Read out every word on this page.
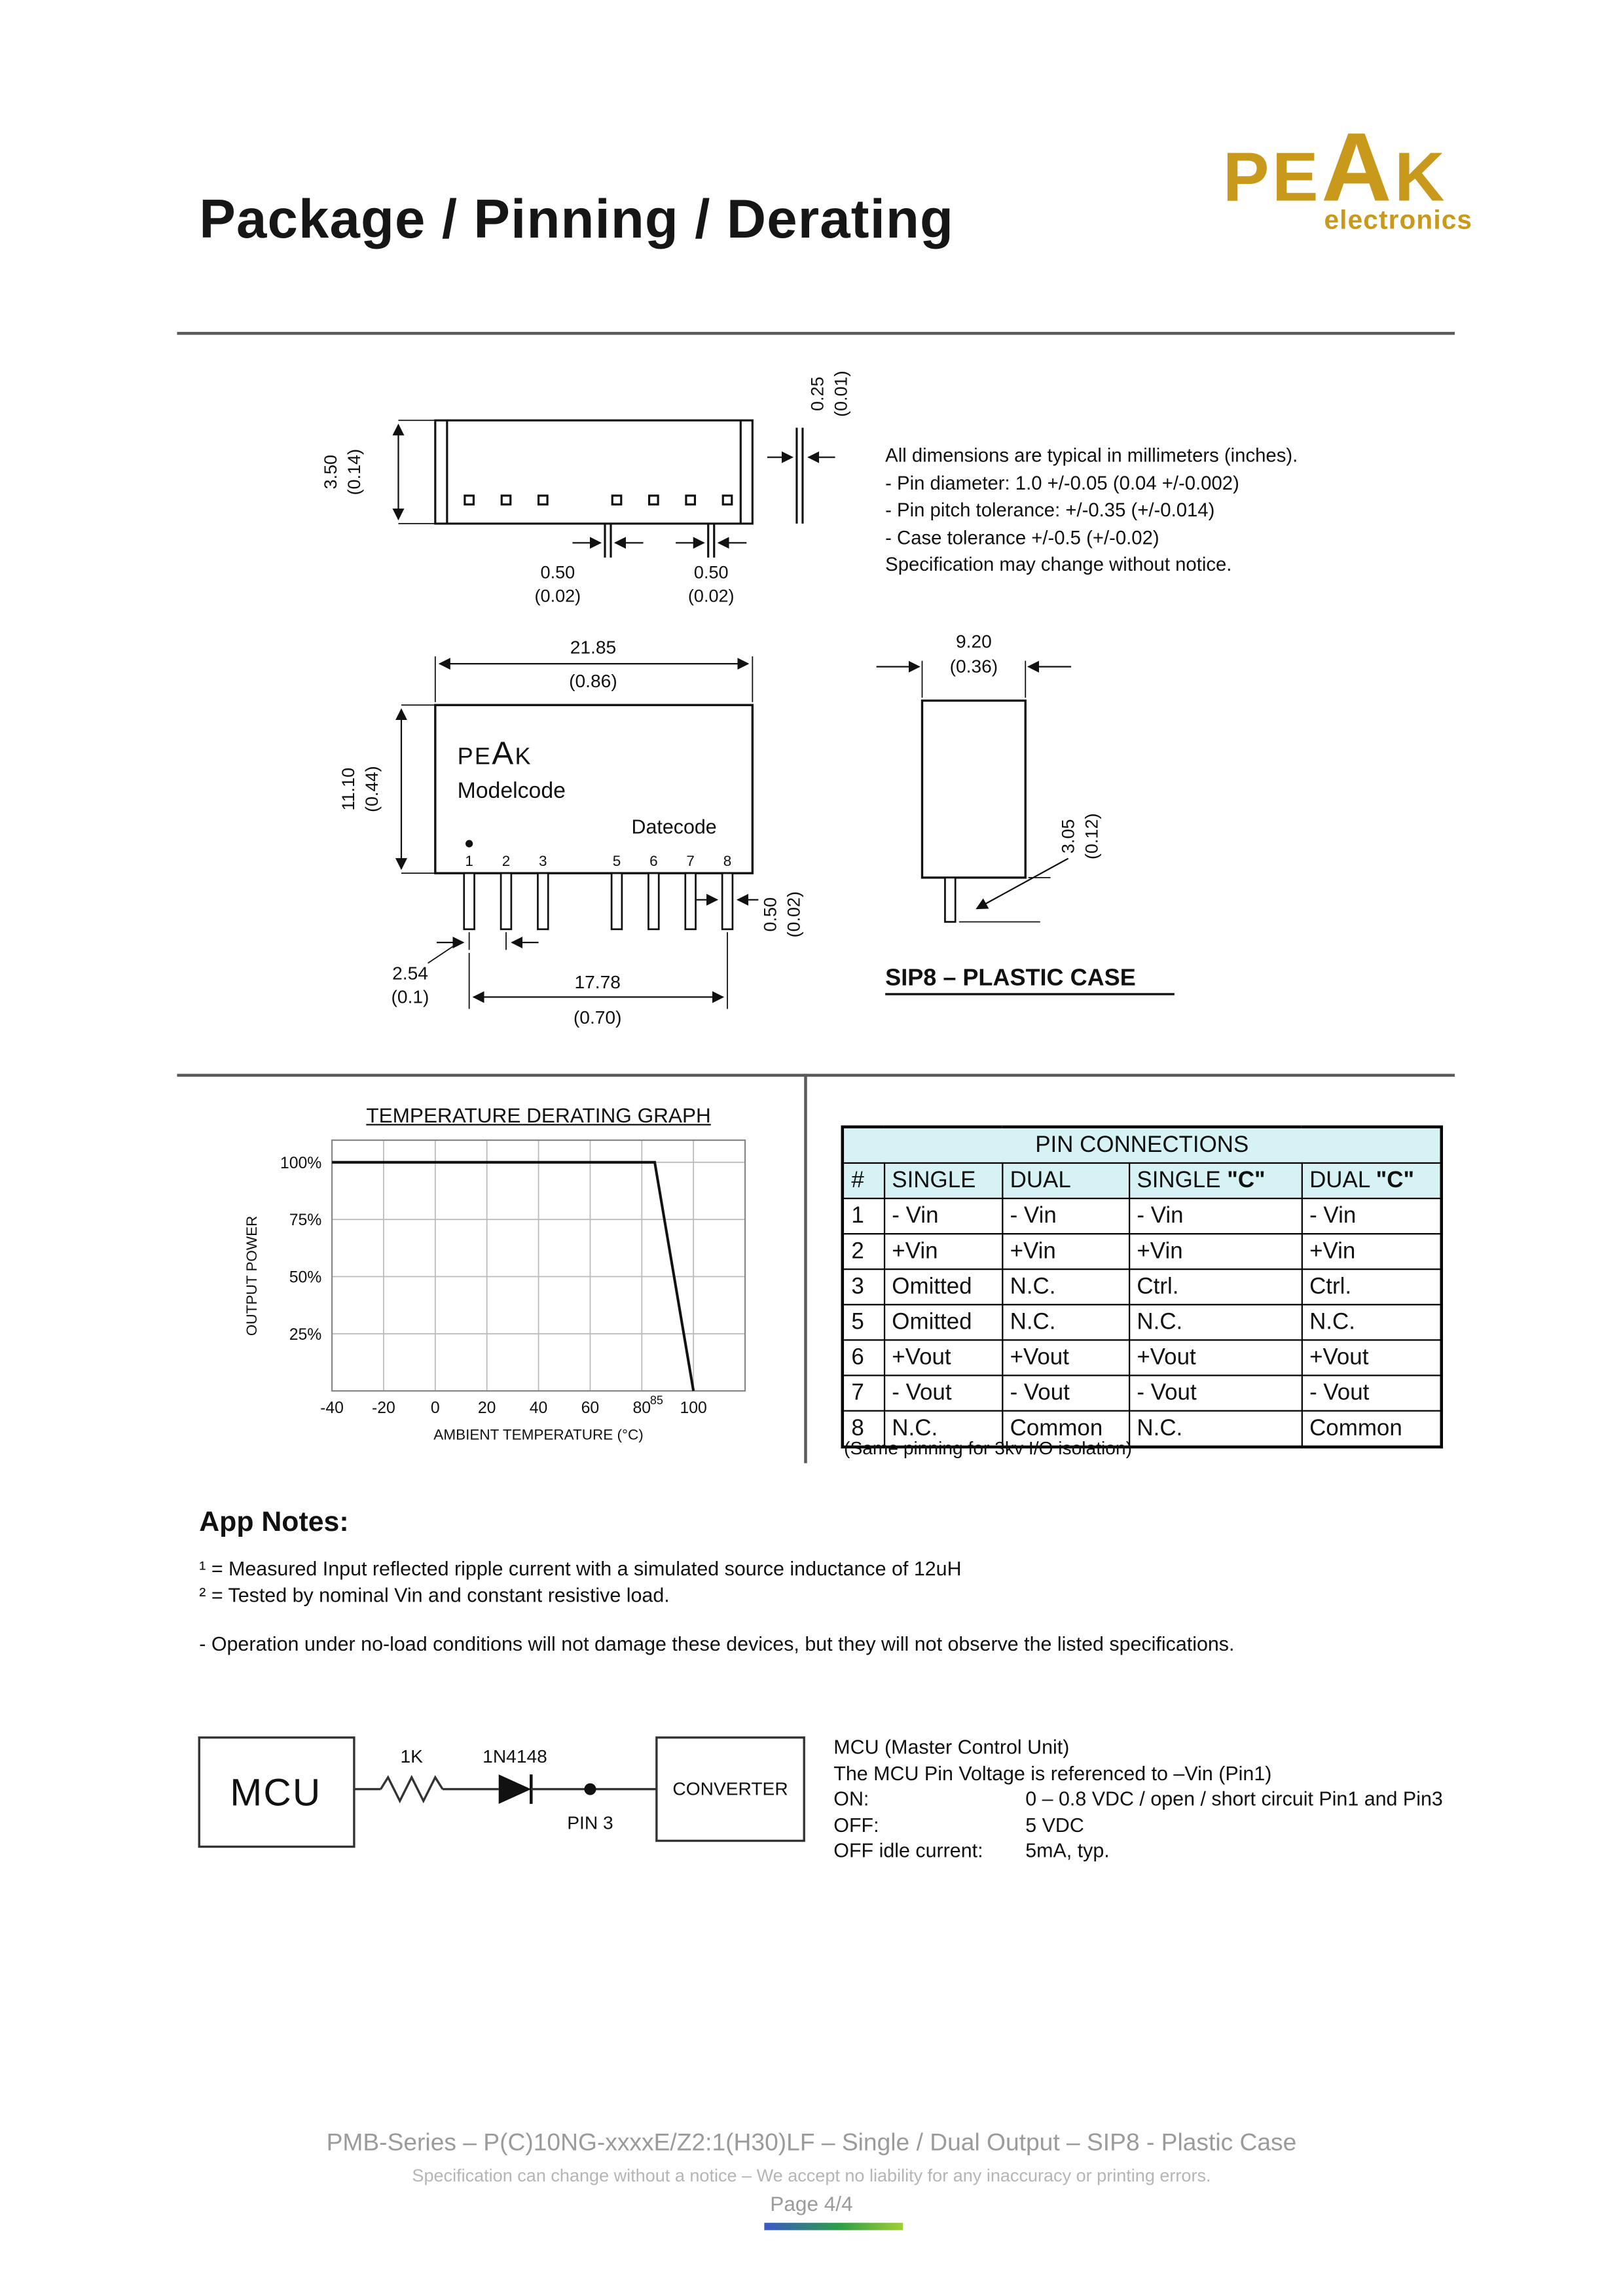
Package / Pinning / Derating
PEAK
electronics
3.50 (0.14)
0.25 (0.01)
0.50
(0.02)
0.50
(0.02)
21.85
(0.86)
PEAK
Modelcode
Datecode
1	2	3	5	6	7	8
11.10 (0.44)
0.50 (0.02)
2.54
(0.1)
17.78
(0.70)
9.20
(0.36)
3.05 (0.12)
SIP8 – PLASTIC CASE
All dimensions are typical in millimeters (inches).
- Pin diameter: 1.0 +/-0.05 (0.04 +/-0.002)
- Pin pitch tolerance: +/-0.35 (+/-0.014)
- Case tolerance +/-0.5 (+/-0.02)
Specification may change without notice.
TEMPERATURE DERATING GRAPH
100%
75%
50%
25%
85
-40	-20	0	20	40	60	80	100
OUTPUT POWER
AMBIENT TEMPERATURE (°C)
PIN CONNECTIONS				
#	SINGLE	DUAL	SINGLE "C"	DUAL "C"
1	- Vin	- Vin	- Vin	- Vin
2	+Vin	+Vin	+Vin	+Vin
3	Omitted	N.C.	Ctrl.	Ctrl.
5	Omitted	N.C.	N.C.	N.C.
6	+Vout	+Vout	+Vout	+Vout
7	- Vout	- Vout	- Vout	- Vout
8	N.C.	Common	N.C.	Common
(Same pinning for 3kv I/O isolation)
App Notes:
¹ = Measured Input reflected ripple current with a simulated source inductance of 12uH
² = Tested by nominal Vin and constant resistive load.
- Operation under no-load conditions will not damage these devices, but they will not observe the listed specifications.
MCU
1K	1N4148
PIN 3
CONVERTER
MCU (Master Control Unit)
The MCU Pin Voltage is referenced to –Vin (Pin1)
ON:	0 – 0.8 VDC / open / short circuit Pin1 and Pin3
OFF:	5 VDC
OFF idle current:	5mA, typ.
PMB-Series – P(C)10NG-xxxxE/Z2:1(H30)LF – Single / Dual Output – SIP8 - Plastic Case
Specification can change without a notice – We accept no liability for any inaccuracy or printing errors.
Page 4/4
